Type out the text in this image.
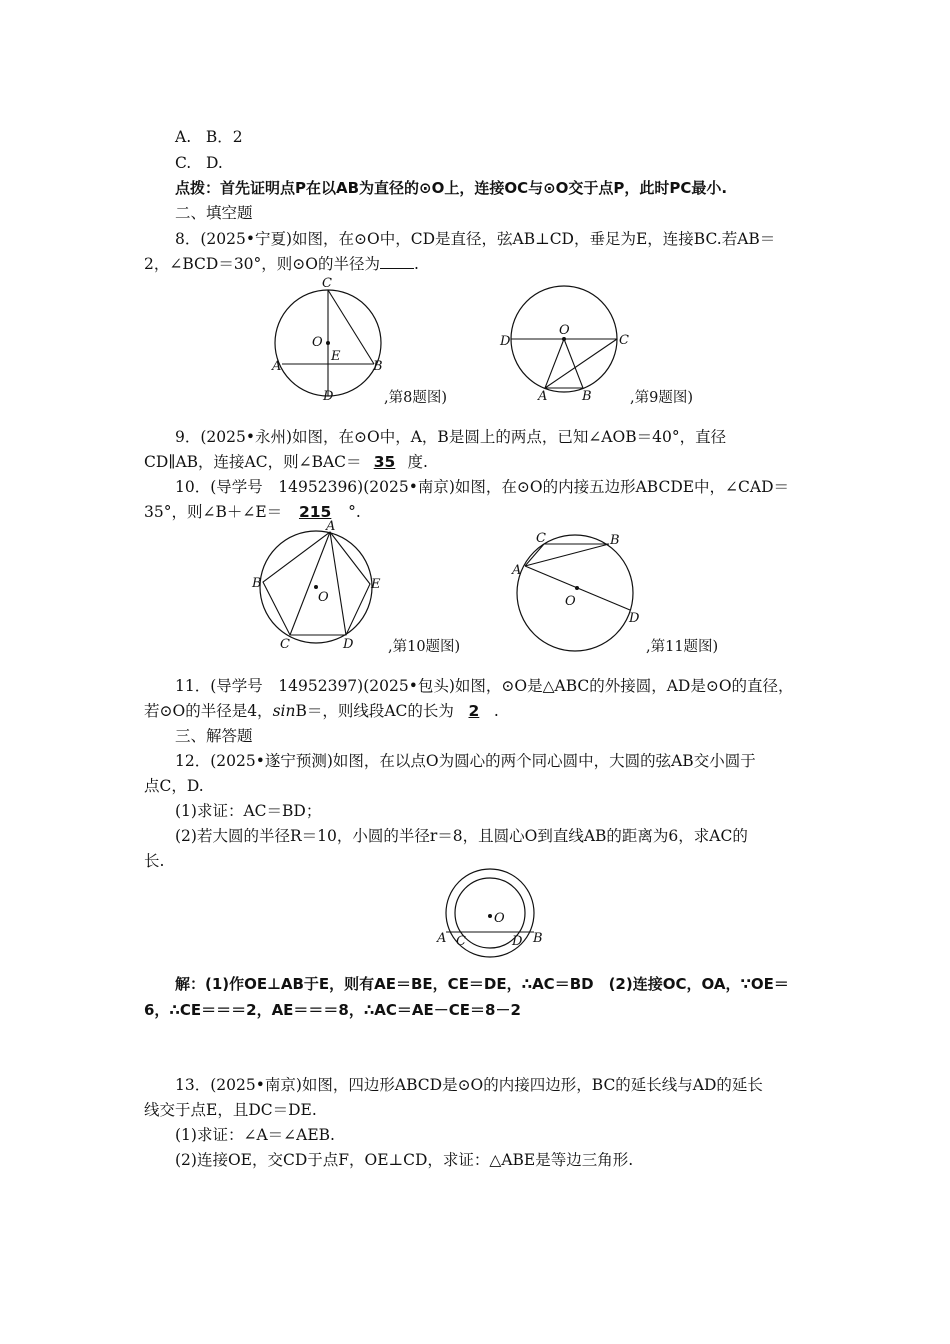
A. B．2
C. D.
点拨：首先证明点P在以AB为直径的⊙O上，连接OC与⊙O交于点P，此时PC最小.
二、填空题
8．(2025•宁夏)如图，在⊙O中，CD是直径，弦AB⊥CD，垂足为E，连接BC.若AB＝
2，∠BCD＝30°，则⊙O的半径为 .
C
O
E
A	B
D	,第8题图)
O
D	C
A	B	,第9题图)
9．(2025•永州)如图，在⊙O中，A，B是圆上的两点，已知∠AOB＝40°，直径
CD∥AB，连接AC，则∠BAC＝ 35 度.
10．(导学号　14952396)(2025•南京)如图，在⊙O的内接五边形ABCDE中，∠CAD＝
35°，则∠B＋∠E＝ 215 °.
A
B	E
O
C	D ,第10题图)
C	B
A
O
D
,第11题图)
11．(导学号　14952397)(2025•包头)如图，⊙O是△ABC的外接圆，AD是⊙O的直径，
若⊙O的半径是4，sinB＝，则线段AC的长为 2 .
三、解答题
12．(2025•遂宁预测)如图，在以点O为圆心的两个同心圆中，大圆的弦AB交小圆于
点C，D.
(1)求证：AC＝BD；
(2)若大圆的半径R＝10，小圆的半径r＝8，且圆心O到直线AB的距离为6，求AC的
长.
O
A C	D B
解：(1)作OE⊥AB于E，则有AE＝BE，CE＝DE，∴AC＝BD　(2)连接OC，OA，∵OE＝
6，∴CE＝＝＝2，AE＝＝＝8，∴AC＝AE－CE＝8－2
13．(2025•南京)如图，四边形ABCD是⊙O的内接四边形，BC的延长线与AD的延长
线交于点E，且DC＝DE.
(1)求证：∠A＝∠AEB.
(2)连接OE，交CD于点F，OE⊥CD，求证：△ABE是等边三角形.
